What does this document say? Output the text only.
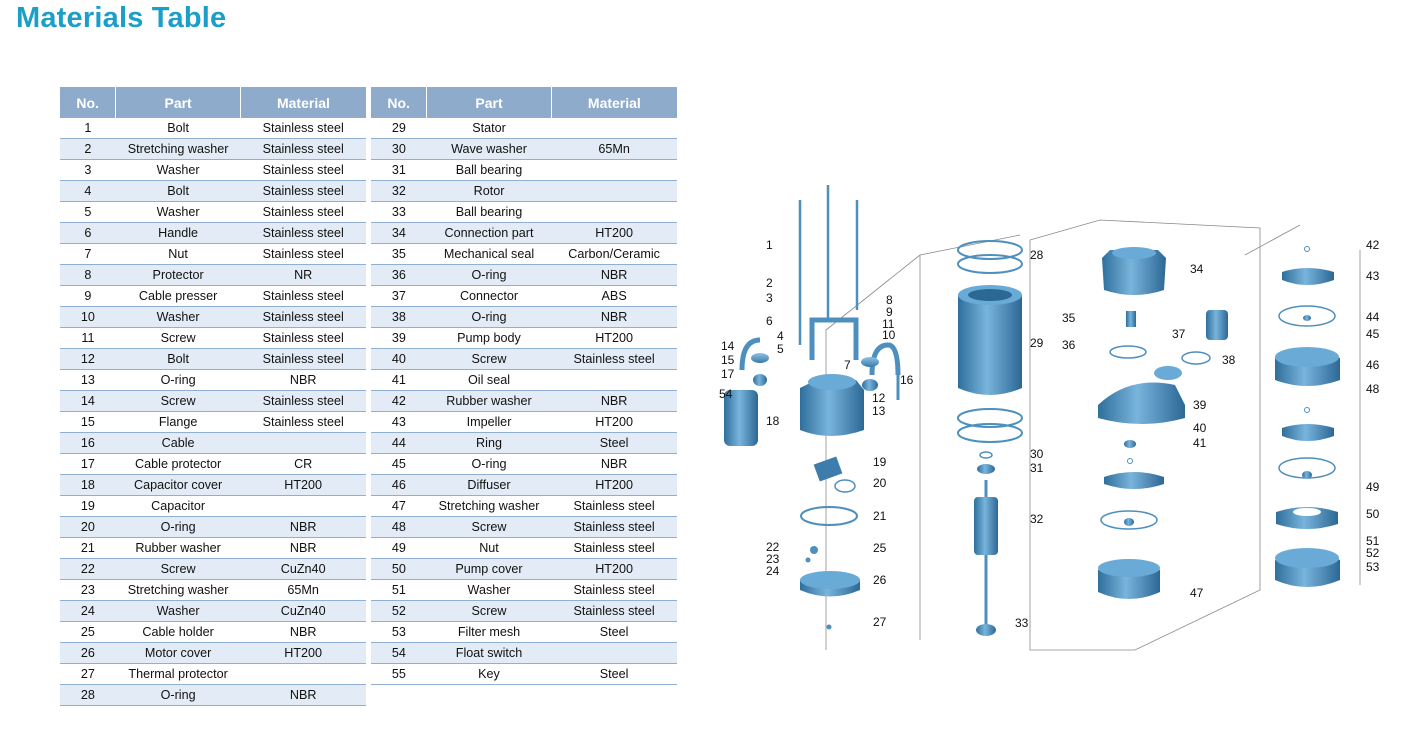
Materials Table
No.	Part	Material
1	Bolt	Stainless steel
2	Stretching washer	Stainless steel
3	Washer	Stainless steel
4	Bolt	Stainless steel
5	Washer	Stainless steel
6	Handle	Stainless steel
7	Nut	Stainless steel
8	Protector	NR
9	Cable presser	Stainless steel
10	Washer	Stainless steel
11	Screw	Stainless steel
12	Bolt	Stainless steel
13	O-ring	NBR
14	Screw	Stainless steel
15	Flange	Stainless steel
16	Cable	
17	Cable protector	CR
18	Capacitor cover	HT200
19	Capacitor	
20	O-ring	NBR
21	Rubber washer	NBR
22	Screw	CuZn40
23	Stretching washer	65Mn
24	Washer	CuZn40
25	Cable holder	NBR
26	Motor cover	HT200
27	Thermal protector	
28	O-ring	NBR
No.	Part	Material
29	Stator	
30	Wave washer	65Mn
31	Ball bearing	
32	Rotor	
33	Ball bearing	
34	Connection part	HT200
35	Mechanical seal	Carbon/Ceramic
36	O-ring	NBR
37	Connector	ABS
38	O-ring	NBR
39	Pump body	HT200
40	Screw	Stainless steel
41	Oil seal	
42	Rubber washer	NBR
43	Impeller	HT200
44	Ring	Steel
45	O-ring	NBR
46	Diffuser	HT200
47	Stretching washer	Stainless steel
48	Screw	Stainless steel
49	Nut	Stainless steel
50	Pump cover	HT200
51	Washer	Stainless steel
52	Screw	Stainless steel
53	Filter mesh	Steel
54	Float switch	
55	Key	Steel
1
2
3
4
5
6
7
8
9
10
11
12
13
14
15
16
17
18
19
20
21
22
23
24
25
26
27
28
29
30
31
32
33
34
35
36
37
38
39
40
41
42
43
44
45
46
47
48
49
50
51
52
53
54
